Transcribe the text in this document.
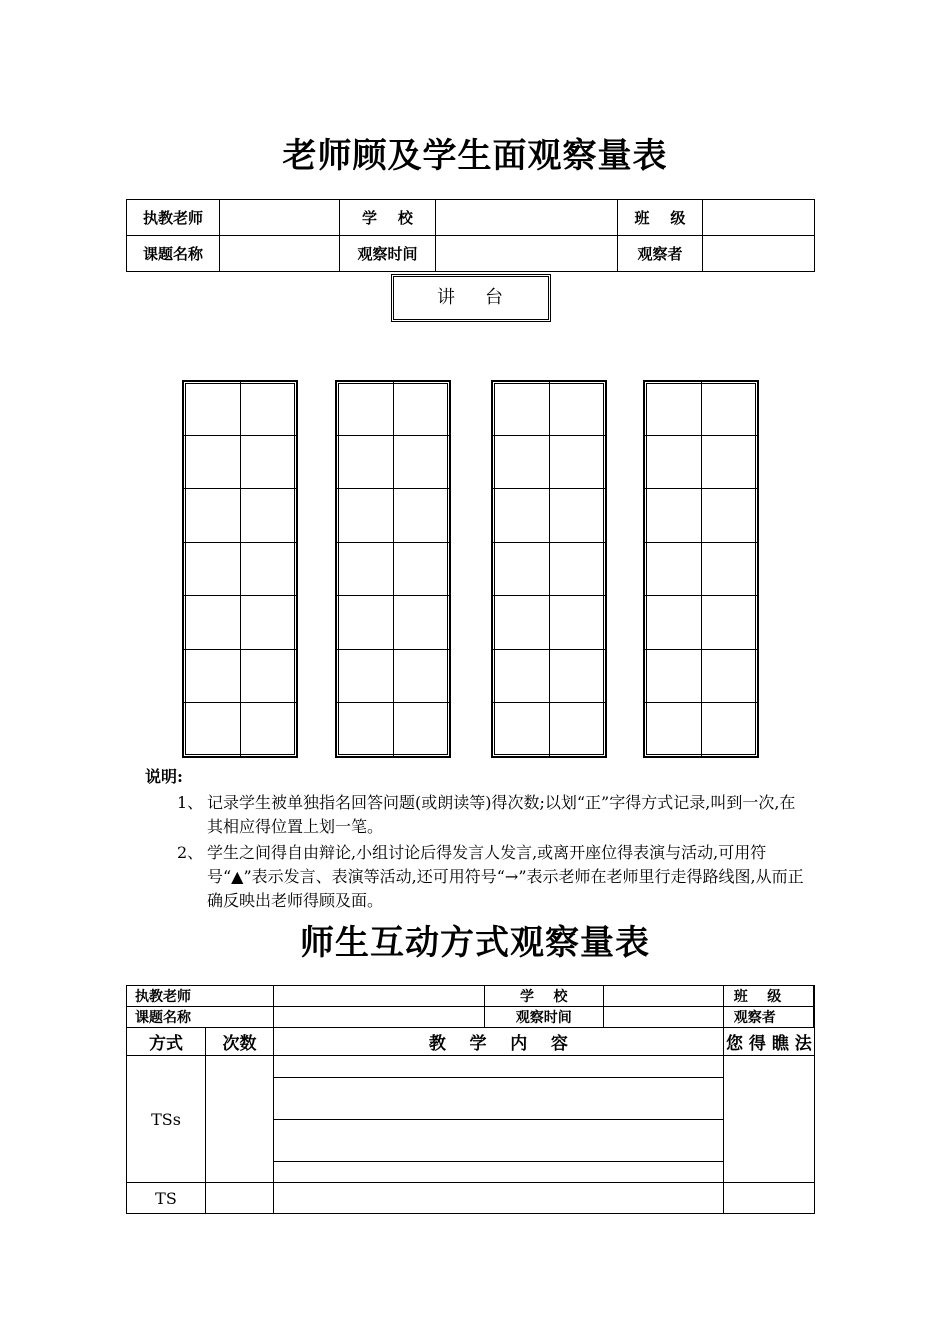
老师顾及学生面观察量表
执教老师		学    校		班    级	
课题名称		观察时间		观察者	
讲台

说明:
1、 记录学生被单独指名回答问题(或朗读等)得次数;以划“正”字得方式记录,叫到一次,在其相应得位置上划一笔。
2、 学生之间得自由辩论,小组讨论后得发言人发言,或离开座位得表演与活动,可用符号“▲”表示发言、表演等活动,还可用符号“→”表示老师在老师里行走得路线图,从而正确反映出老师得顾及面。
师生互动方式观察量表
执教老师		学    校		班    级	
课题名称		观察时间		观察者	
方式	次数	教    学    内    容	您 得 瞧 法
TSs		

TS			
